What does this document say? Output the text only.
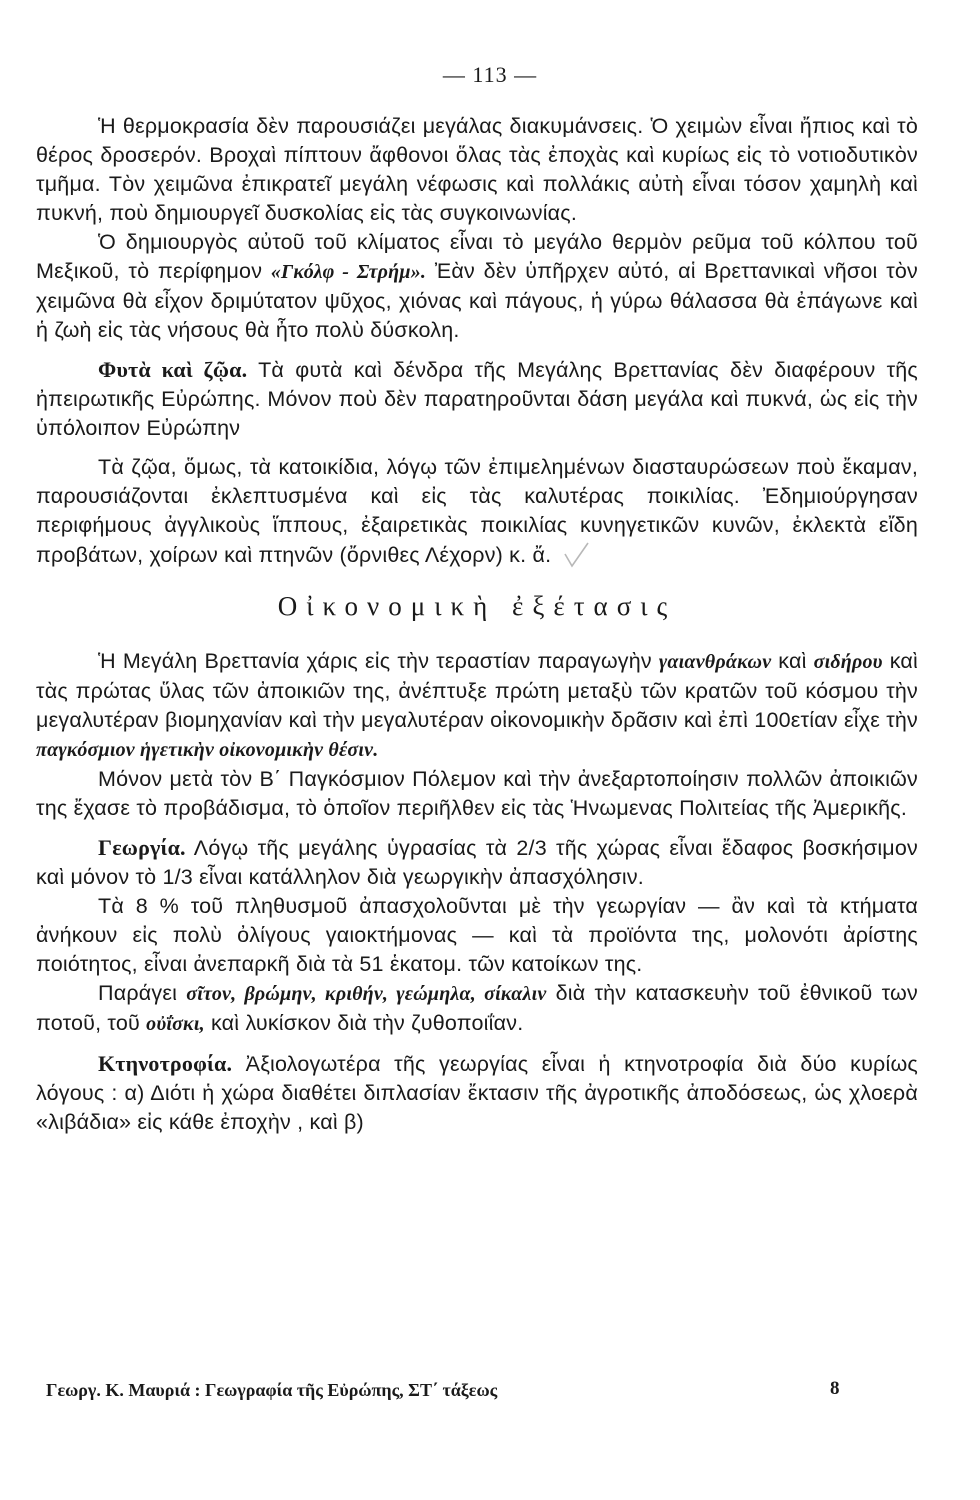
— 113 —

Ἡ θερμοκρασία δὲν παρουσιάζει μεγάλας διακυμάνσεις. Ὁ χειμὼν εἶναι ἤπιος καὶ τὸ θέρος δροσερόν. Βροχαὶ πίπτουν ἄφθονοι ὅλας τὰς ἐποχὰς καὶ κυρίως εἰς τὸ νοτιοδυτικὸν τμῆμα. Τὸν χειμῶνα ἐπικρατεῖ μεγάλη νέφωσις καὶ πολλάκις αὐτὴ εἶναι τόσον χαμηλὴ καὶ πυκνή, ποὺ δημιουργεῖ δυσκολίας εἰς τὰς συγκοινωνίας.

Ὁ δημιουργὸς αὐτοῦ τοῦ κλίματος εἶναι τὸ μεγάλο θερμὸν ρεῦμα τοῦ κόλπου τοῦ Μεξικοῦ, τὸ περίφημον «Γκόλφ - Στρήμ». Ἐὰν δὲν ὑπῆρχεν αὐτό, αἱ Βρεττανικαὶ νῆσοι τὸν χειμῶνα θὰ εἶχον δριμύτατον ψῦχος, χιόνας καὶ πάγους, ἡ γύρω θάλασσα θὰ ἐπάγωνε καὶ ἡ ζωὴ εἰς τὰς νήσους θὰ ἦτο πολὺ δύσκολη.

Φυτὰ καὶ ζῷα. Τὰ φυτὰ καὶ δένδρα τῆς Μεγάλης Βρεττανίας δὲν διαφέρουν τῆς ἠπειρωτικῆς Εὐρώπης. Μόνον ποὺ δὲν παρατηροῦνται δάση μεγάλα καὶ πυκνά, ὡς εἰς τὴν ὑπόλοιπον Εὐρώπην

Τὰ ζῷα, ὅμως, τὰ κατοικίδια, λόγῳ τῶν ἐπιμελημένων διασταυρώσεων ποὺ ἔκαμαν, παρουσιάζονται ἐκλεπτυσμένα καὶ εἰς τὰς καλυτέρας ποικιλίας. Ἐδημιούργησαν περιφήμους ἀγγλικοὺς ἵππους, ἐξαιρετικὰς ποικιλίας κυνηγετικῶν κυνῶν, ἐκλεκτὰ εἴδη προβάτων, χοίρων καὶ πτηνῶν (ὄρνιθες Λέχορν) κ. ἄ.

Οἰκονομικὴ ἐξέτασις

Ἡ Μεγάλη Βρεττανία χάρις εἰς τὴν τεραστίαν παραγωγὴν γαιανθράκων καὶ σιδήρου καὶ τὰς πρώτας ὕλας τῶν ἀποικιῶν της, ἀνέπτυξε πρώτη μεταξὺ τῶν κρατῶν τοῦ κόσμου τὴν μεγαλυτέραν βιομηχανίαν καὶ τὴν μεγαλυτέραν οἰκονομικὴν δρᾶσιν καὶ ἐπὶ 100ετίαν εἶχε τὴν παγκόσμιον ἡγετικὴν οἰκονομικὴν θέσιν.

Μόνον μετὰ τὸν Β΄ Παγκόσμιον Πόλεμον καὶ τὴν ἀνεξαρτοποίησιν πολλῶν ἀποικιῶν της ἔχασε τὸ προβάδισμα, τὸ ὁποῖον περιῆλθεν εἰς τὰς Ἡνωμενας Πολιτείας τῆς Ἀμερικῆς.

Γεωργία. Λόγῳ τῆς μεγάλης ὑγρασίας τὰ 2/3 τῆς χώρας εἶναι ἔδαφος βοσκήσιμον καὶ μόνον τὸ 1/3 εἶναι κατάλληλον διὰ γεωργικὴν ἀπασχόλησιν.

Τὰ 8 % τοῦ πληθυσμοῦ ἀπασχολοῦνται μὲ τὴν γεωργίαν — ἂν καὶ τὰ κτήματα ἀνήκουν εἰς πολὺ ὀλίγους γαιοκτήμονας — καὶ τὰ προϊόντα της, μολονότι ἀρίστης ποιότητος, εἶναι ἀνεπαρκῆ διὰ τὰ 51 ἑκατομ. τῶν κατοίκων της.

Παράγει σῖτον, βρώμην, κριθήν, γεώμηλα, σίκαλιν διὰ τὴν κατασκευὴν τοῦ ἐθνικοῦ των ποτοῦ, τοῦ οὐΐσκι, καὶ λυκίσκον διὰ τὴν ζυθοποιΐαν.

Κτηνοτροφία. Ἀξιολογωτέρα τῆς γεωργίας εἶναι ἡ κτηνοτροφία διὰ δύο κυρίως λόγους : α) Διότι ἡ χώρα διαθέτει διπλασίαν ἔκτασιν τῆς ἀγροτικῆς ἀποδόσεως, ὡς χλοερὰ «λιβάδια» εἰς κάθε ἐποχὴν , καὶ β)

Γεωργ. Κ. Μαυριά : Γεωγραφία τῆς Εὐρώπης, ΣΤ΄ τάξεως	8
